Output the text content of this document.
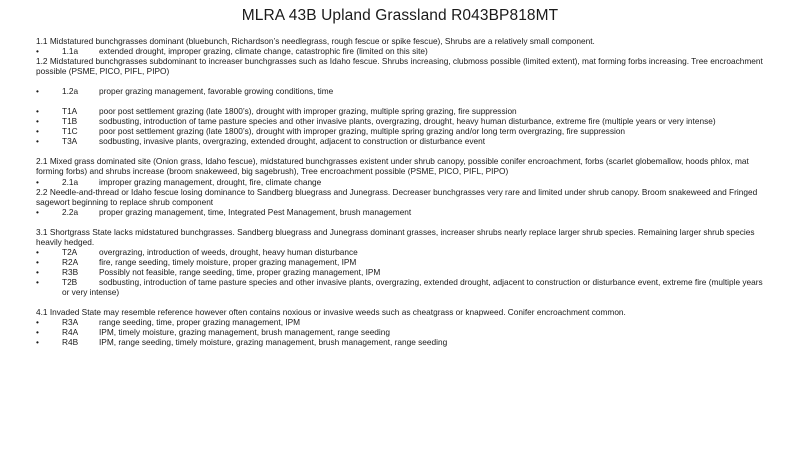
MLRA 43B Upland Grassland R043BP818MT
1.1 Midstatured bunchgrasses dominant (bluebunch, Richardson’s needlegrass, rough fescue or spike fescue), Shrubs are a relatively small component.
•	1.1a	extended drought, improper grazing, climate change, catastrophic fire (limited on this site)
1.2 Midstatured bunchgrasses subdominant to increaser bunchgrasses such as Idaho fescue. Shrubs increasing, clubmoss possible (limited extent), mat forming forbs increasing. Tree encroachment possible (PSME, PICO, PIFL, PIPO)
•	1.2a	proper grazing management, favorable growing conditions, time
•	T1A	poor post settlement grazing (late 1800’s), drought with improper grazing, multiple spring grazing, fire suppression
•	T1B	sodbusting, introduction of tame pasture species and other invasive plants, overgrazing, drought, heavy human disturbance, extreme fire (multiple years or very intense)
•	T1C	poor post settlement grazing (late 1800’s), drought with improper grazing, multiple spring grazing and/or long term overgrazing, fire suppression
•	T3A	sodbusting, invasive plants, overgrazing, extended drought, adjacent to construction or disturbance event
2.1 Mixed grass dominated site (Onion grass, Idaho fescue), midstatured bunchgrasses existent under shrub canopy, possible conifer encroachment, forbs (scarlet globemallow, hoods phlox, mat forming forbs) and shrubs increase (broom snakeweed, big sagebrush), Tree encroachment possible (PSME, PICO, PIFL, PIPO)
•	2.1a	improper grazing management, drought, fire, climate change
2.2 Needle-and-thread or Idaho fescue losing dominance to Sandberg bluegrass and Junegrass. Decreaser bunchgrasses very rare and limited under shrub canopy. Broom snakeweed and Fringed sagewort beginning to replace shrub component
•	2.2a	proper grazing management, time, Integrated Pest Management, brush management
3.1 Shortgrass State lacks midstatured bunchgrasses. Sandberg bluegrass and Junegrass dominant grasses, increaser shrubs nearly replace larger shrub species. Remaining larger shrub species heavily hedged.
•	T2A	overgrazing, introduction of weeds, drought, heavy human disturbance
•	R2A	fire, range seeding, timely moisture, proper grazing management, IPM
•	R3B	Possibly not feasible, range seeding, time, proper grazing management, IPM
•	T2B	sodbusting, introduction of tame pasture species and other invasive plants, overgrazing, extended drought, adjacent to construction or disturbance event, extreme fire (multiple years or very intense)
4.1 Invaded State may resemble reference however often contains noxious or invasive weeds such as cheatgrass or knapweed. Conifer encroachment common.
•	R3A	range seeding, time, proper grazing management, IPM
•	R4A	IPM, timely moisture, grazing management, brush management, range seeding
•	R4B	IPM, range seeding, timely moisture, grazing management, brush management, range seeding
